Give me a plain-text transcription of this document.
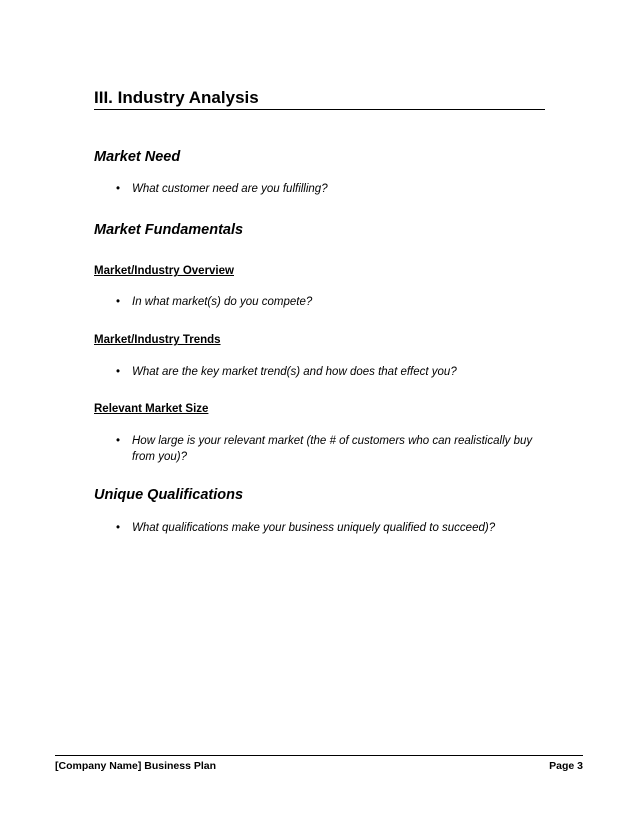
III. Industry Analysis
Market Need
• What customer need are you fulfilling?
Market Fundamentals
Market/Industry Overview
• In what market(s) do you compete?
Market/Industry Trends
• What are the key market trend(s) and how does that effect you?
Relevant Market Size
• How large is your relevant market (the # of customers who can realistically buy from you)?
Unique Qualifications
• What qualifications make your business uniquely qualified to succeed)?
[Company Name] Business Plan	Page 3
